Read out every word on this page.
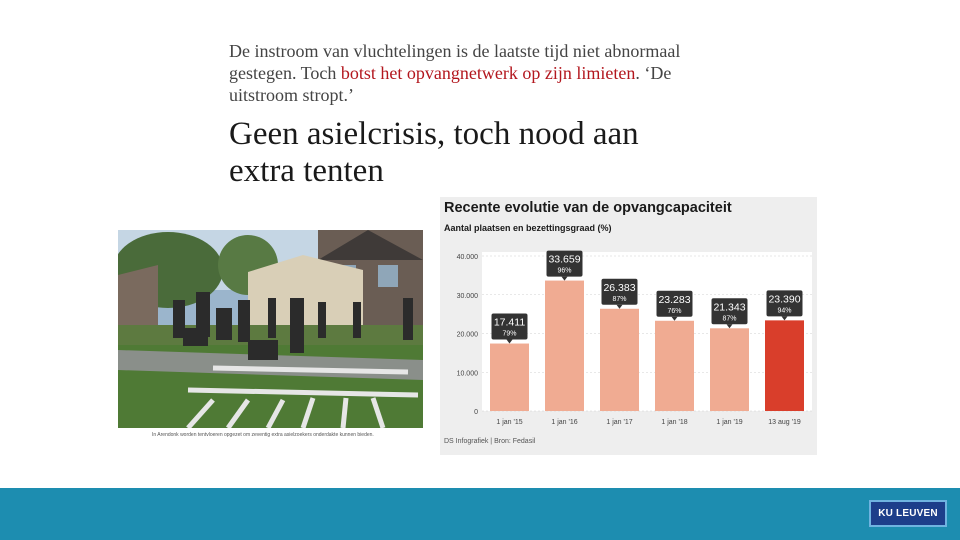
De instroom van vluchtelingen is de laatste tijd niet abnormaal gestegen. Toch botst het opvangnetwerk op zijn limieten. ‘De uitstroom stropt.’

Geen asielcrisis, toch nood aan extra tenten
In Arendonk worden tentvloeren opgezet om zeventig extra asielzoekers onderdakte kunnen bieden.
Recente evolutie van de opvangcapaciteit
Aantal plaatsen en bezettingsgraad (%)
0
10.000
20.000
30.000
40.000
17.411
79%
1 jan '15
33.659
96%
1 jan '16
26.383
87%
1 jan '17
23.283
76%
1 jan '18
21.343
87%
1 jan '19
23.390
94%
13 aug '19
DS Infografiek | Bron: Fedasil
KU LEUVEN
